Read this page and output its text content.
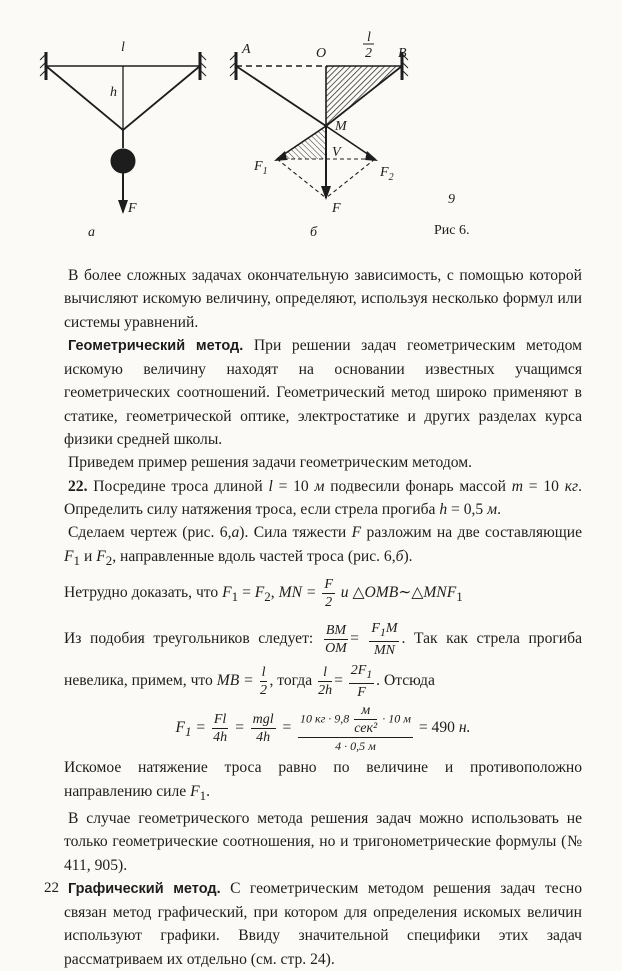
l
h
F
а
A	O
l
2 B
M
$F_1$	$F_2$
V
F
б
9
Рис 6.

В более сложных задачах окончательную зависимость, с помощью которой вычисляют искомую величину, определяют, используя несколько формул или системы уравнений.

Геометрический метод. При решении задач геометрическим методом искомую величину находят на основании известных учащимся геометрических соотношений. Геометрический метод широко применяют в статике, геометрической оптике, электростатике и других разделах курса физики средней школы.

Приведем пример решения задачи геометрическим методом.

22. Посредине троса длиной l = 10 м подвесили фонарь массой m = 10 кг. Определить силу натяжения троса, если стрела прогиба h = 0,5 м.

Сделаем чертеж (рис. 6,а). Сила тяжести F разложим на две составляющие $F_1$ и $F_2$, направленные вдоль частей троса (рис. 6,б).

Нетрудно доказать, что $F_1 = F_2$, MN = $\frac{F}{2}$ и $\triangle OMB\sim\triangle MNF_1$

Из подобия треугольников следует: $\frac{BM}{OM} = \frac{F_1M}{MN}$ . Так как стрела прогиба невелика, примем, что MB = $\frac{l}{2}$ , тогда $\frac{l}{2h} = \frac{2F_1}{F}$ . Отсюда

$F_1 = \frac{Fl}{4h} = \frac{\text{mgl}}{4h} = \frac{10 кг \cdot 9,8 \frac{м}{\text{сек²}} \cdot 10 м}{4 \cdot 0,5 м} = 490$ н.

Искомое натяжение троса равно по величине и противоположно направлению силе $F_1$.

В случае геометрического метода решения задач можно использовать не только геометрические соотношения, но и тригонометрические формулы (№ 411, 905).

Графический метод. С геометрическим методом решения задач тесно связан метод графический, при котором для определения искомых величин используют графики. Ввиду значительной специфики этих задач рассматриваем их отдельно (см. стр. 24).

22
